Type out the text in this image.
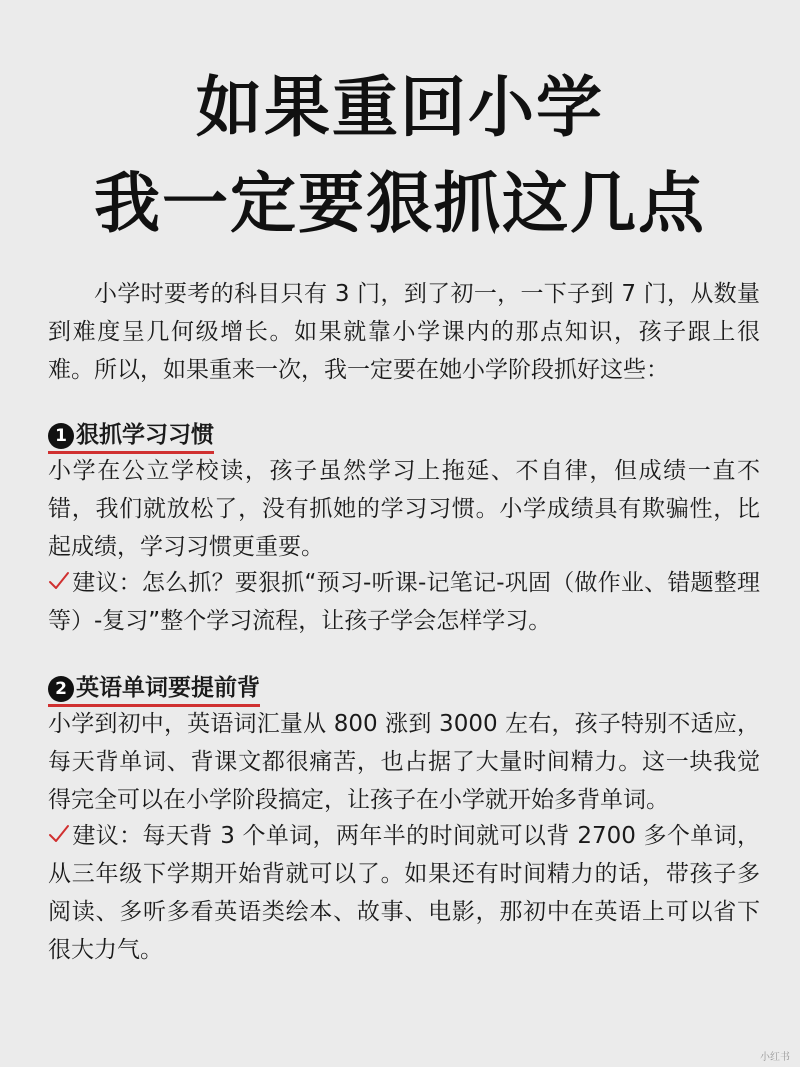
如果重回小学
我一定要狠抓这几点
小学时要考的科目只有 3 门，到了初一，一下子到 7 门，从数量到难度呈几何级增长。如果就靠小学课内的那点知识，孩子跟上很难。所以，如果重来一次，我一定要在她小学阶段抓好这些：
1 狠抓学习习惯
小学在公立学校读，孩子虽然学习上拖延、不自律，但成绩一直不错，我们就放松了，没有抓她的学习习惯。小学成绩具有欺骗性，比起成绩，学习习惯更重要。
建议：怎么抓？要狠抓“预习-听课-记笔记-巩固（做作业、错题整理等）-复习”整个学习流程，让孩子学会怎样学习。
2 英语单词要提前背
小学到初中，英语词汇量从 800 涨到 3000 左右，孩子特别不适应，每天背单词、背课文都很痛苦，也占据了大量时间精力。这一块我觉得完全可以在小学阶段搞定，让孩子在小学就开始多背单词。
建议：每天背 3 个单词，两年半的时间就可以背 2700 多个单词，从三年级下学期开始背就可以了。如果还有时间精力的话，带孩子多阅读、多听多看英语类绘本、故事、电影，那初中在英语上可以省下很大力气。
小红书
